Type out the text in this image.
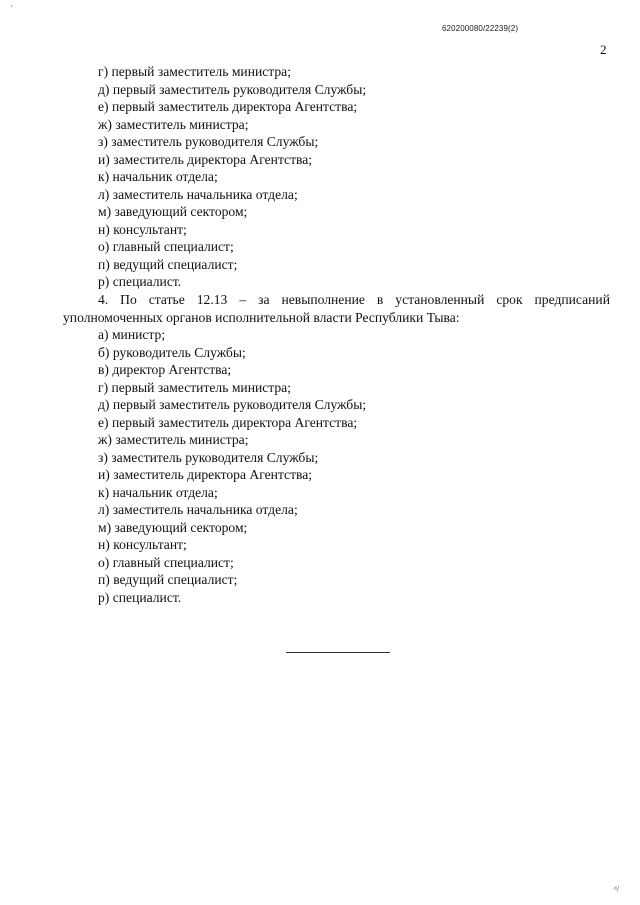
`
620200080/22239(2)
2
г) первый заместитель министра;
д) первый заместитель руководителя Службы;
е) первый заместитель директора Агентства;
ж) заместитель министра;
з) заместитель руководителя Службы;
и) заместитель директора Агентства;
к) начальник отдела;
л) заместитель начальника отдела;
м) заведующий сектором;
н) консультант;
о) главный специалист;
п) ведущий специалист;
р) специалист.
4. По статье 12.13 – за невыполнение в установленный срок предписаний
уполномоченных органов исполнительной власти Республики Тыва:
а) министр;
б) руководитель Службы;
в) директор Агентства;
г) первый заместитель министра;
д) первый заместитель руководителя Службы;
е) первый заместитель директора Агентства;
ж) заместитель министра;
з) заместитель руководителя Службы;
и) заместитель директора Агентства;
к) начальник отдела;
л) заместитель начальника отдела;
м) заведующий сектором;
н) консультант;
о) главный специалист;
п) ведущий специалист;
р) специалист.
ᵈ/
